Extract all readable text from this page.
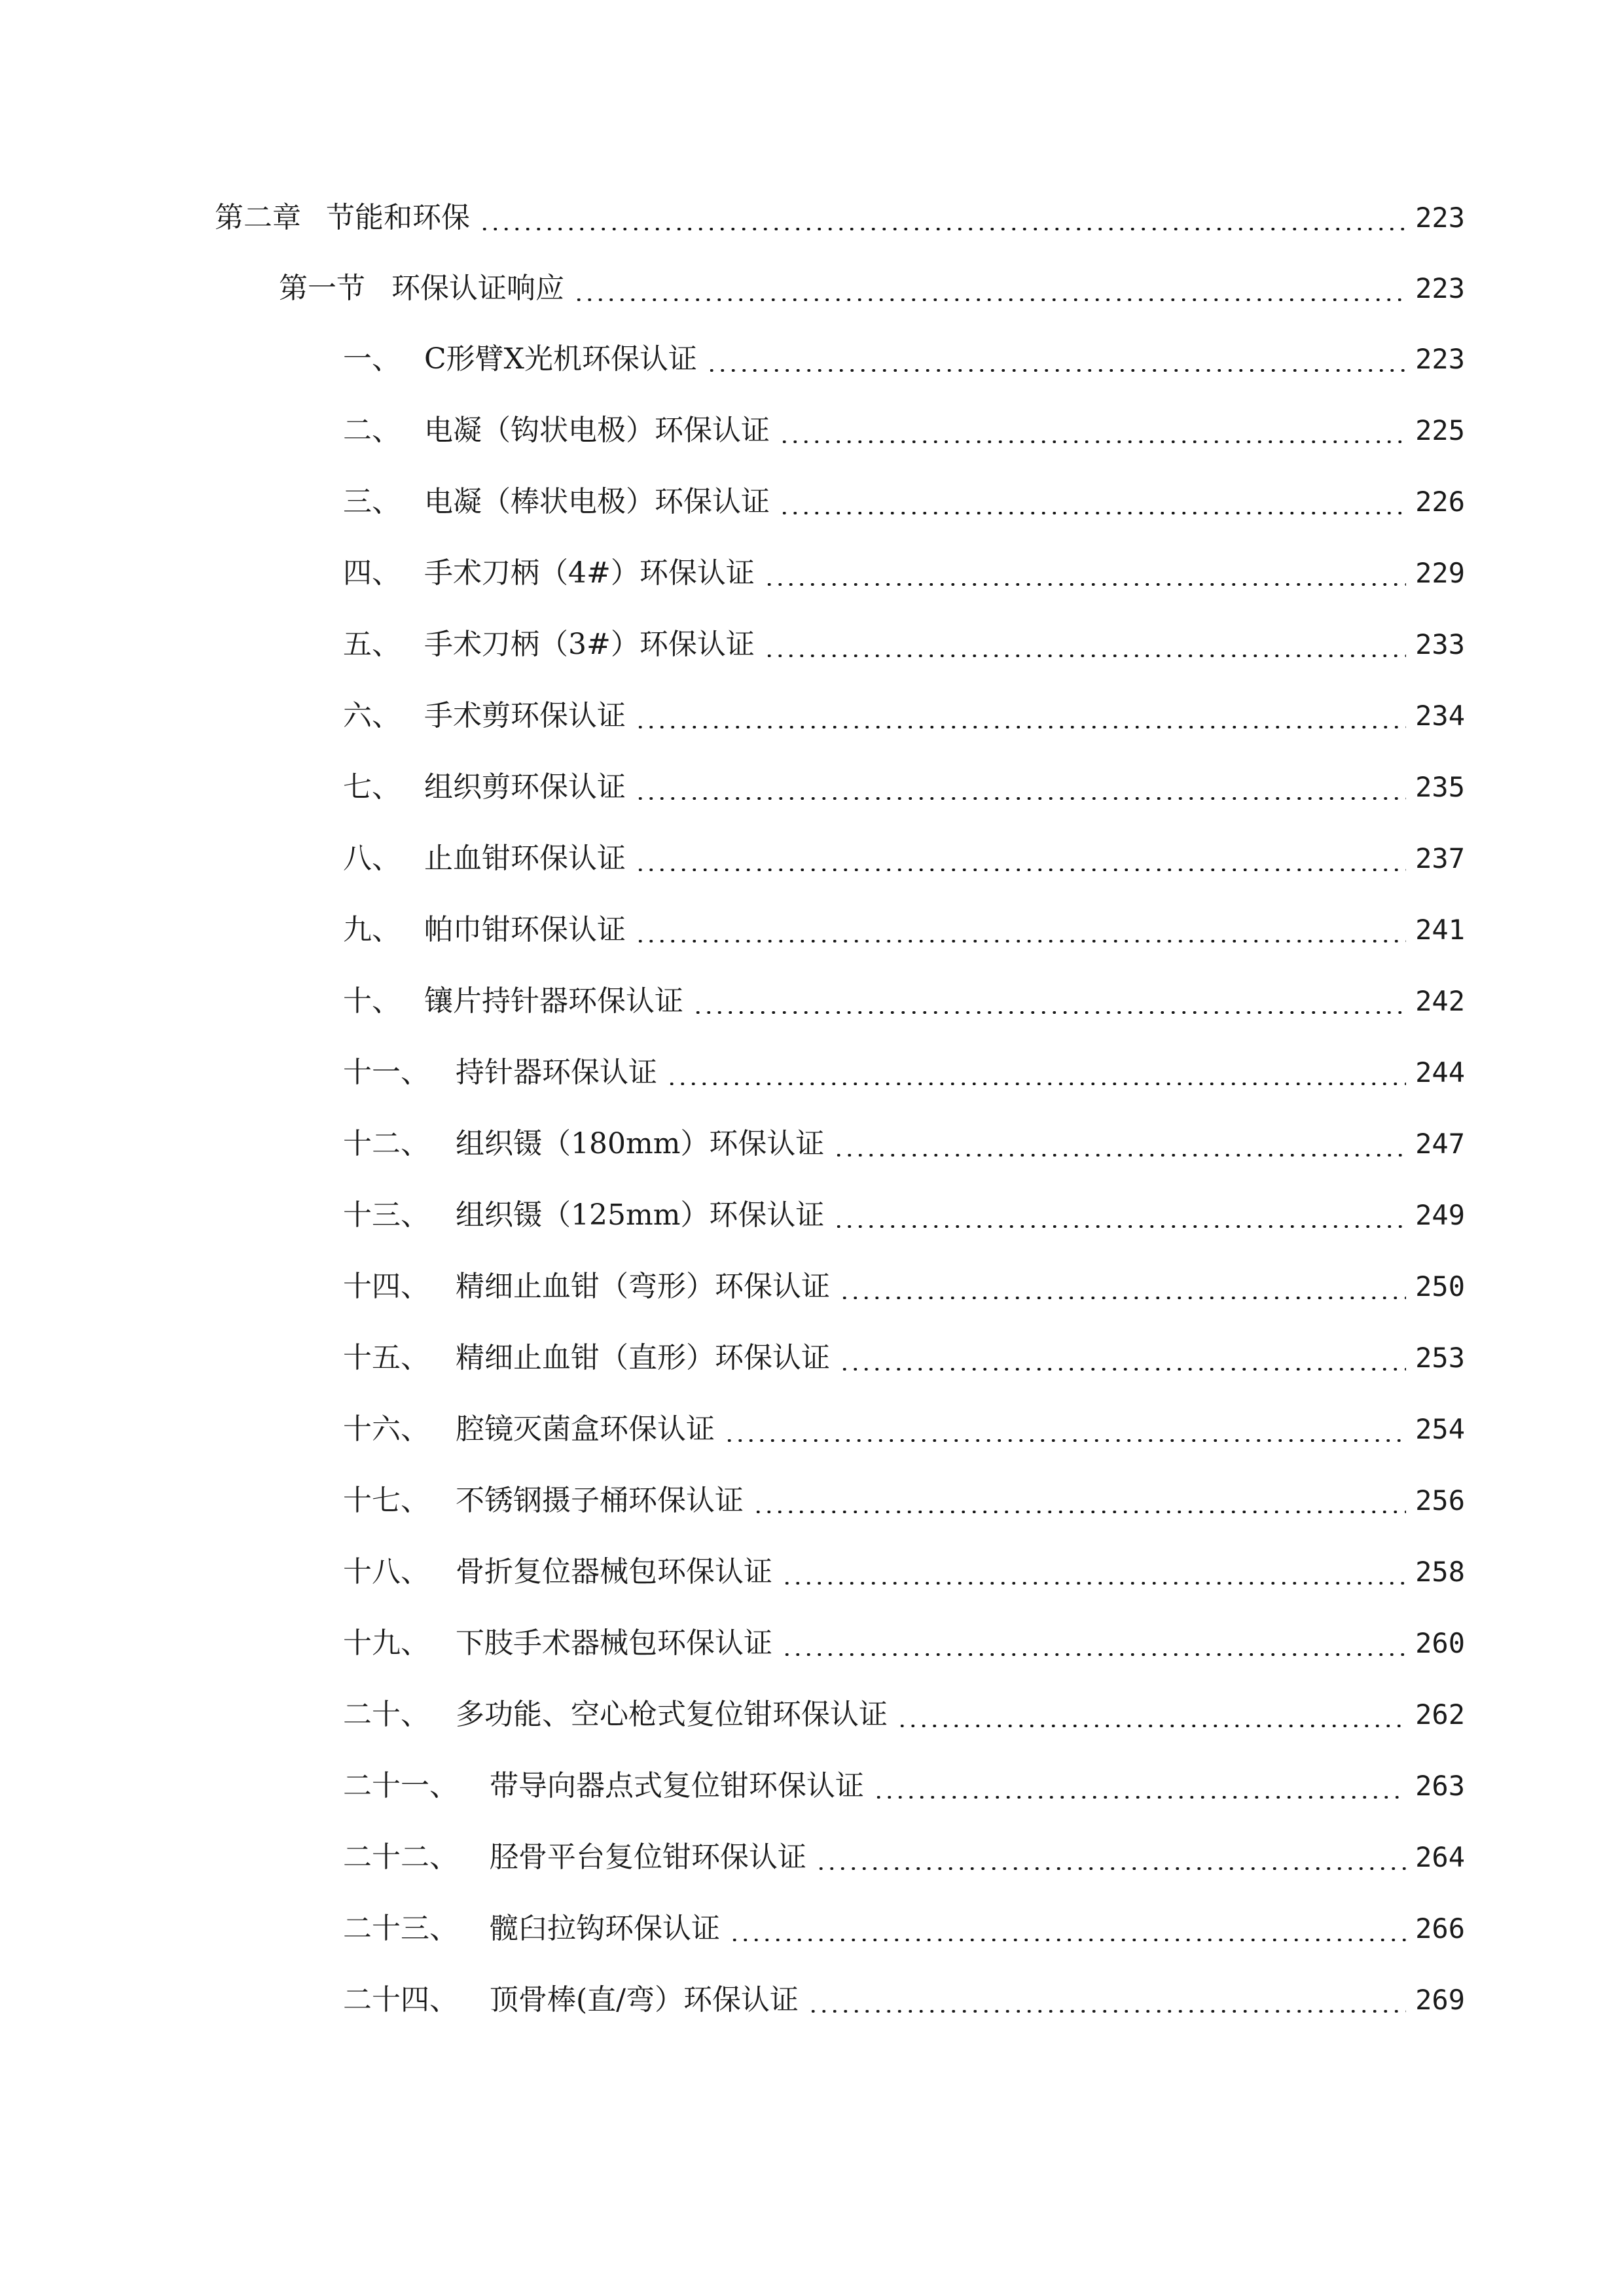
第二章 节能和环保	223
第一节 环保认证响应	223
一、 C形臂X光机环保认证	223
二、 电凝（钩状电极）环保认证	225
三、 电凝（棒状电极）环保认证	226
四、 手术刀柄（4#）环保认证	229
五、 手术刀柄（3#）环保认证	233
六、 手术剪环保认证	234
七、 组织剪环保认证	235
八、 止血钳环保认证	237
九、 帕巾钳环保认证	241
十、 镶片持针器环保认证	242
十一、 持针器环保认证	244
十二、 组织镊（180mm）环保认证	247
十三、 组织镊（125mm）环保认证	249
十四、 精细止血钳（弯形）环保认证	250
十五、 精细止血钳（直形）环保认证	253
十六、 腔镜灭菌盒环保认证	254
十七、 不锈钢摄子桶环保认证	256
十八、 骨折复位器械包环保认证	258
十九、 下肢手术器械包环保认证	260
二十、 多功能、空心枪式复位钳环保认证	262
二十一、	带导向器点式复位钳环保认证	263
二十二、	胫骨平台复位钳环保认证	264
二十三、	髋臼拉钩环保认证	266
二十四、	顶骨棒(直/弯）环保认证	269
